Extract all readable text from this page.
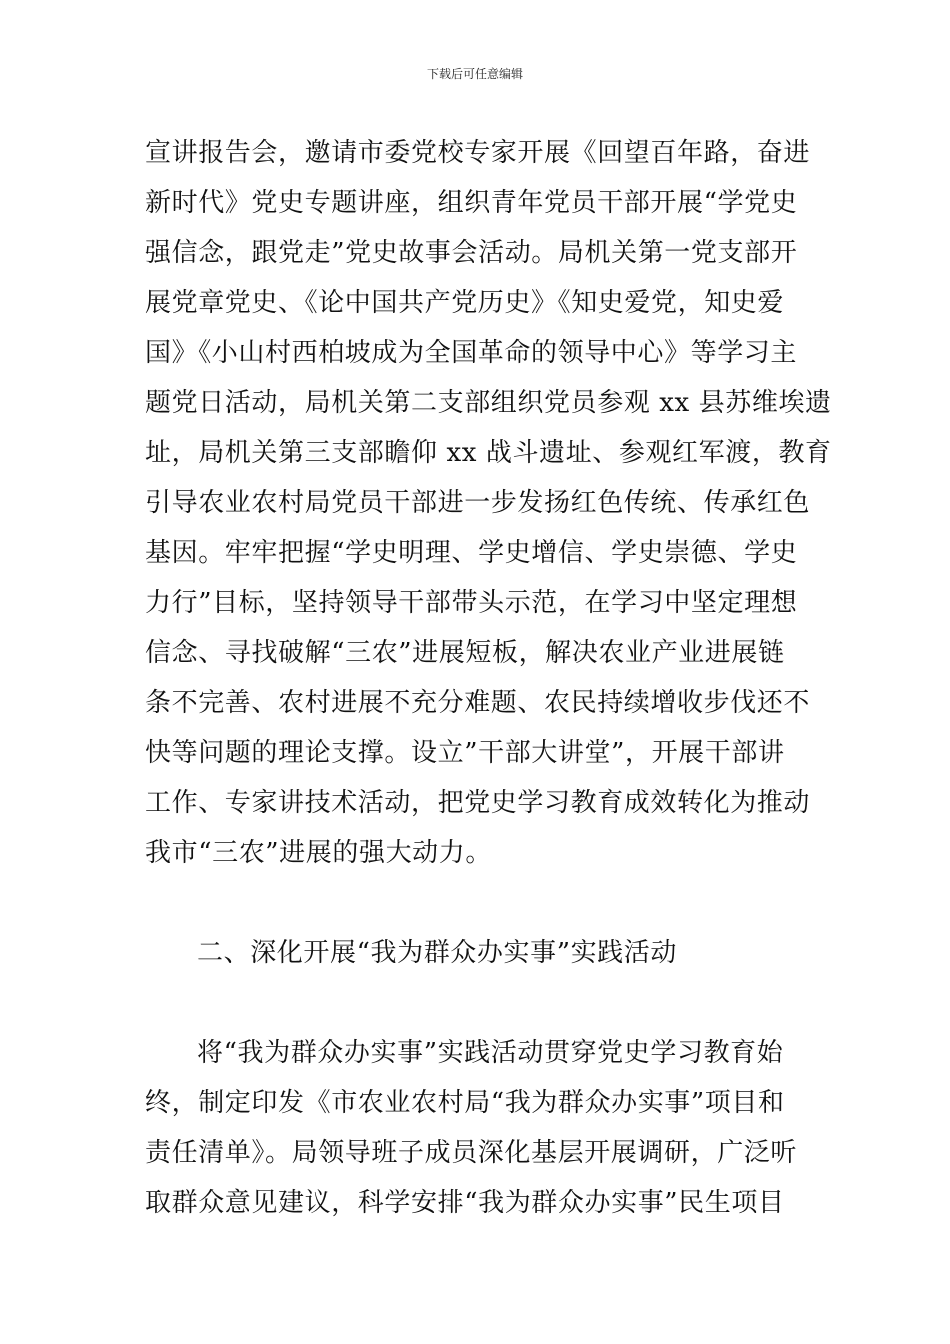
下载后可任意编辑
宣讲报告会，邀请市委党校专家开展《回望百年路，奋进
新时代》党史专题讲座，组织青年党员干部开展“学党史
强信念，跟党走”党史故事会活动。局机关第一党支部开
展党章党史、《论中国共产党历史》《知史爱党，知史爱
国》《小山村西柏坡成为全国革命的领导中心》等学习主
题党日活动，局机关第二支部组织党员参观 xx 县苏维埃遗
址，局机关第三支部瞻仰 xx 战斗遗址、参观红军渡，教育
引导农业农村局党员干部进一步发扬红色传统、传承红色
基因。牢牢把握“学史明理、学史增信、学史崇德、学史
力行”目标，坚持领导干部带头示范，在学习中坚定理想
信念、寻找破解“三农”进展短板，解决农业产业进展链
条不完善、农村进展不充分难题、农民持续增收步伐还不
快等问题的理论支撑。设立”干部大讲堂”，开展干部讲
工作、专家讲技术活动，把党史学习教育成效转化为推动
我市“三农”进展的强大动力。
二、深化开展“我为群众办实事”实践活动
将“我为群众办实事”实践活动贯穿党史学习教育始
终，制定印发《市农业农村局“我为群众办实事”项目和
责任清单》。局领导班子成员深化基层开展调研，广泛听
取群众意见建议，科学安排“我为群众办实事”民生项目
